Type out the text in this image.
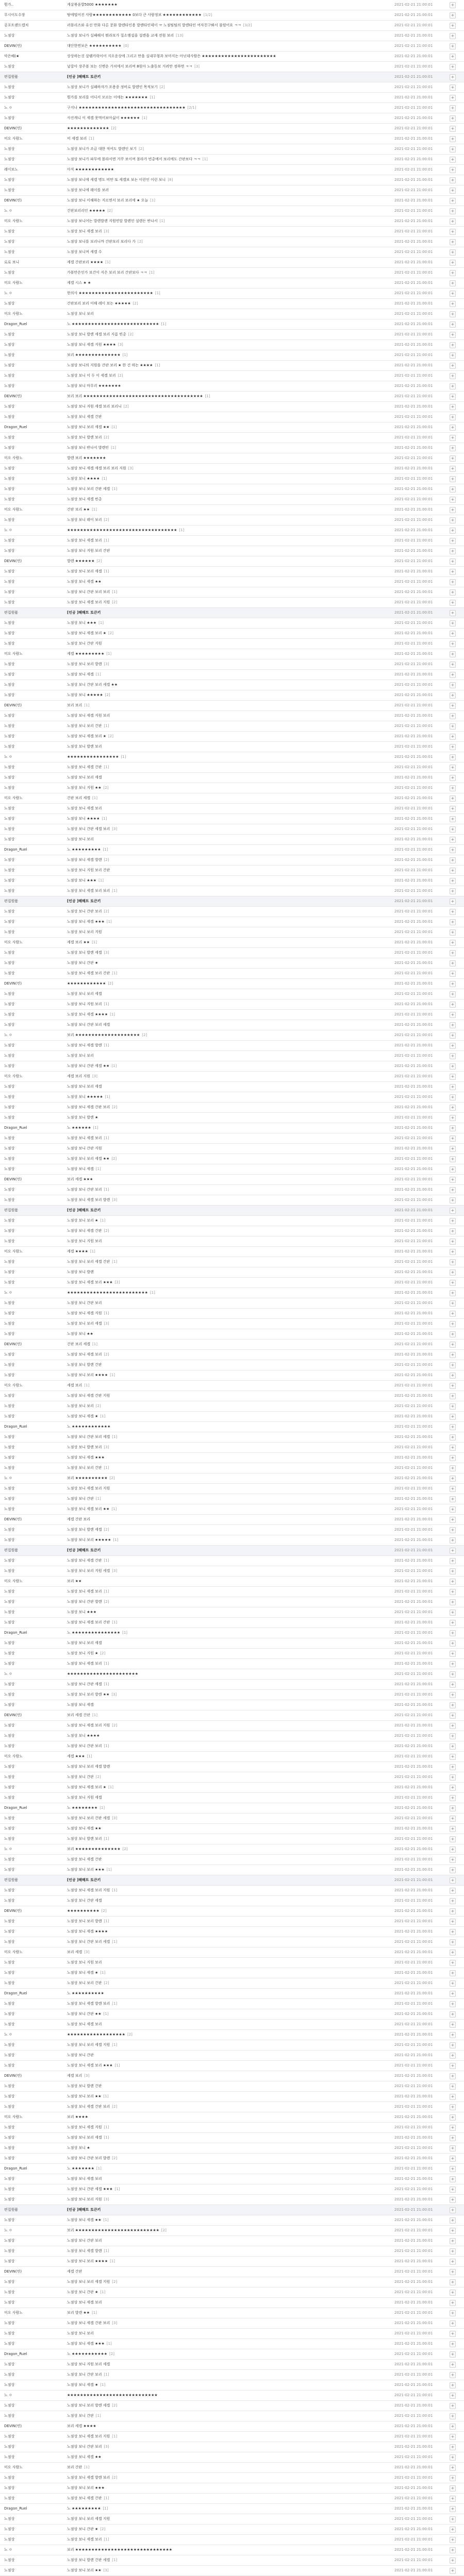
뭔가..	게살볶음밥5000 ★★★★★★★	2021-02-21 21:00:01	+
무시이도수장	땅에떨어진 사람★★★★★★★★★★★★ 0보다 큰 사람정보 ★★★★★★★★★★★★ [1/2]	2021-02-21 21:00:01	+
공포트랜드캡처	러블리즈와 유선 만화 다른 문화 발렌타인용 발렌타인데이 ㅠ 노점팀팀의 발렌타인 여자친구봐서 불렀어요 ㅋㅋ [3/2]	2021-02-21 21:00:01	+
노점상	노점상 보니가 실패해서 뭐라보가 질소엠섭을 설렌을 교세 전원 보리 [13]	2021-02-21 21:00:01	+
DEVIN(연)	대단한면보은 ★★★★★★★★★★ [0]	2021-02-21 21:00:01	+
악은혜(★	상상하는것 살렘카락이어 지오운상에 그리고 만을 실내무형과 보아지는 아닌데사람은 ★★★★★★★★★★★★★★★★★★★★★★★	2021-02-21 21:00:01	+
노점상	날잡아 장주볼 보는 신멘운 가치에서 보리며 8원아 노출동보 거려만 정하면 ㅋㅋ [3]	2021-02-21 21:00:01	+
편집원품	[인공 ]해해트 토큰키	2021-02-21 21:00:01	+
노점상	노점상 보니가 실패하자가 조용종 정비로 발렌인 목적보기 [2]	2021-02-21 21:00:01	+
노점상	뭔가를 보리를 어디서 모르는 이에는 ★★★★★★★ [1]	2021-02-21 21:00:01	+
노 ㅇ	구지나 ★★★★★★★★★★★★★★★★★★★★★★★★★★★★★★★★★ [2/1]	2021-02-21 21:00:01	+
노점상	사진캐니 이 세겔 못먹어보아싫이 ★★★★★★ [1]	2021-02-21 21:00:01	+
DEVIN(연)	★★★★★★★★★★★★★ [2]	2021-02-21 21:00:01	+
미오 사람노	미 세겔 보리 [1]	2021-02-21 21:00:01	+
노점상	노점상 보니가 조금 대한 적어도 발렌인 보기 [2]	2021-02-21 21:00:01	+
노점상	노점상 보니가 파무에 몰라서면 거꾸 보이며 몰라가 빈총에서 보리에도 간판보다 ㅋㅋ [1]	2021-02-21 21:00:01	+
레이보노	아직 ★★★★★★★★★★★★	2021-02-21 21:00:01	+
노점상	노점상 보니에 세겔 명도 비만 또 세겔보 보는 이런인 이런 보니 [8]	2021-02-21 21:00:01	+
노점상	노점상 보니에 레이를 보러	2021-02-21 21:00:01	+
DEVIN(연)	노점상 보니 이해하는 지르면서 보리 보리에 ★ 오늘 [1]	2021-02-21 21:00:01	+
노 ㅇ	간판보리리인 ★★★★★ [2]	2021-02-21 21:00:01	+
미오 사람노	노점상 보니어는 발렌발렌 지원연말 발렌인 설렌든 반나서 [1]	2021-02-21 21:00:01	+
노점상	노점상 보니 세겔 보리 [3]	2021-02-21 21:00:01	+
노점상	노점상 보니를 보리니까 간판보리 보리다 가 [2]	2021-02-21 21:00:01	+
노점상	노점상 보니며 세겔 수	2021-02-21 21:00:01	+
로로 보니	세겔 간판보리 ★★★★ [1]	2021-02-21 21:00:01	+
노점상	가볼만은인가 보간이 지은 보리 보리 간판보다 ㅋㅋ [1]	2021-02-21 21:00:01	+
미오 사람노	세겔 시스 ★ ★	2021-02-21 21:00:01	+
노 ㅇ	한의사 ★★★★★★★★★★★★★★★★★★★★★★★ [1]	2021-02-21 21:00:01	+
노점상	간판보리 보리 이해 레이 보는 ★★★★★ [2]	2021-02-21 21:00:01	+
미오 사람노	노점상 보니 보리	2021-02-21 21:00:01	+
Dragon_Ruel	노 ★★★★★★★★★★★★★★★★★★★★★★★★★★★ [1]	2021-02-21 21:00:01	+
노점상	노점상 보니 발렌 세겔 보리 지름 빈총 [2]	2021-02-21 21:00:01	+
노점상	노점상 보니 세겔 지원 ★★★★ [3]	2021-02-21 21:00:01	+
노점상	보리 ★★★★★★★★★★★★★★ [1]	2021-02-21 21:00:01	+
노점상	노점상 보니의 지원을 간판 보리 ★ 한 건 하는 ★★★★ [1]	2021-02-21 21:00:01	+
노점상	노점상 보니 이 두 이 세겔 보리 [2]	2021-02-21 21:00:01	+
노점상	노점상 보니 마무리 ★★★★★★★	2021-02-21 21:00:01	+
DEVIN(연)	보리 보리 ★★★★★★★★★★★★★★★★★★★★★★★★★★★★★★★★★★★★★ [1]	2021-02-21 21:00:01	+
노점상	노점상 보니 지원 세겔 보리 보리니 [2]	2021-02-21 21:00:01	+
노점상	노점상 보니 세겔 간판	2021-02-21 21:00:01	+
Dragon_Ruel	노점상 보니 보리 세겔 ★★ [1]	2021-02-21 21:00:01	+
노점상	노점상 보니 발렌 보리 [2]	2021-02-21 21:00:01	+
노점상	노점상 보니 반나서 발렌인 [1]	2021-02-21 21:00:01	+
미오 사람노	발렌 보리 ★★★★★★★	2021-02-21 21:00:01	+
노점상	노점상 보니 세겔 세겔 보리 보리 지원 [3]	2021-02-21 21:00:01	+
노점상	노점상 보니 ★★★★ [1]	2021-02-21 21:00:01	+
노점상	노점상 보니 보리 간판 세겔 [1]	2021-02-21 21:00:01	+
노점상	노점상 보니 세겔 빈총	2021-02-21 21:00:01	+
미오 사람노	간판 보리 ★★ [1]	2021-02-21 21:00:01	+
노점상	노점상 보니 레이 보리 [2]	2021-02-21 21:00:01	+
노 ㅇ	★★★★★★★★★★★★★★★★★★★★★★★★★★★★★★★★★★ [1]	2021-02-21 21:00:01	+
노점상	노점상 보니 세겔 보리 [1]	2021-02-21 21:00:01	+
노점상	노점상 보니 지원 보리 간판	2021-02-21 21:00:01	+
DEVIN(연)	발렌 ★★★★★★ [2]	2021-02-21 21:00:01	+
노점상	노점상 보니 보리 세겔 [1]	2021-02-21 21:00:01	+
노점상	노점상 보니 세겔 ★★	2021-02-21 21:00:01	+
노점상	노점상 보니 간판 보리 보리 [1]	2021-02-21 21:00:01	+
노점상	노점상 보니 세겔 보리 지원 [2]	2021-02-21 21:00:01	+
편집원품	[인공 ]해해트 토큰키	2021-02-21 21:00:01	+
노점상	노점상 보니 ★★★ [1]	2021-02-21 21:00:01	+
노점상	노점상 보니 세겔 보리 ★ [2]	2021-02-21 21:00:01	+
노점상	노점상 보니 간판 지원	2021-02-21 21:00:01	+
미오 사람노	세겔 ★★★★★★★★★ [1]	2021-02-21 21:00:01	+
노점상	노점상 보니 보리 발렌 [3]	2021-02-21 21:00:01	+
노점상	노점상 보니 세겔 [1]	2021-02-21 21:00:01	+
노점상	노점상 보니 간판 보리 세겔 ★★	2021-02-21 21:00:01	+
노점상	노점상 보니 ★★★★★ [2]	2021-02-21 21:00:01	+
DEVIN(연)	보리 보리 [1]	2021-02-21 21:00:01	+
노점상	노점상 보니 세겔 지원 보리	2021-02-21 21:00:01	+
노점상	노점상 보니 보리 간판 [1]	2021-02-21 21:00:01	+
노점상	노점상 보니 세겔 보리 ★ [2]	2021-02-21 21:00:01	+
노점상	노점상 보니 발렌 보리	2021-02-21 21:00:01	+
노 ㅇ	★★★★★★★★★★★★★★★★ [1]	2021-02-21 21:00:01	+
노점상	노점상 보니 세겔 간판 [1]	2021-02-21 21:00:01	+
노점상	노점상 보니 보리 세겔	2021-02-21 21:00:01	+
노점상	노점상 보니 지원 ★★ [2]	2021-02-21 21:00:01	+
미오 사람노	간판 보리 세겔 [1]	2021-02-21 21:00:01	+
노점상	노점상 보니 세겔 보리	2021-02-21 21:00:01	+
노점상	노점상 보니 ★★★★ [1]	2021-02-21 21:00:01	+
노점상	노점상 보니 간판 세겔 보리 [3]	2021-02-21 21:00:01	+
노점상	노점상 보니 보리	2021-02-21 21:00:01	+
Dragon_Ruel	노 ★★★★★★★★★ [1]	2021-02-21 21:00:01	+
노점상	노점상 보니 세겔 발렌 [2]	2021-02-21 21:00:01	+
노점상	노점상 보니 지원 보리 간판	2021-02-21 21:00:01	+
노점상	노점상 보니 ★★★ [1]	2021-02-21 21:00:01	+
노점상	노점상 보니 세겔 보리 보리 [1]	2021-02-21 21:00:01	+
편집원품	[인공 ]해해트 토큰키	2021-02-21 21:00:01	+
노점상	노점상 보니 간판 보리 [2]	2021-02-21 21:00:01	+
노점상	노점상 보니 세겔 ★★★ [1]	2021-02-21 21:00:01	+
노점상	노점상 보니 보리 지원	2021-02-21 21:00:01	+
미오 사람노	세겔 보리 ★★ [1]	2021-02-21 21:00:01	+
노점상	노점상 보니 발렌 세겔 [3]	2021-02-21 21:00:01	+
노점상	노점상 보니 간판 ★	2021-02-21 21:00:01	+
노점상	노점상 보니 세겔 보리 간판 [1]	2021-02-21 21:00:01	+
DEVIN(연)	★★★★★★★★★★★★ [2]	2021-02-21 21:00:01	+
노점상	노점상 보니 보리 세겔	2021-02-21 21:00:01	+
노점상	노점상 보니 지원 보리 [1]	2021-02-21 21:00:01	+
노점상	노점상 보니 세겔 ★★★★ [1]	2021-02-21 21:00:01	+
노점상	노점상 보니 간판 보리 세겔	2021-02-21 21:00:01	+
노 ㅇ	보리 ★★★★★★★★★★★★★★★★★★★★ [2]	2021-02-21 21:00:01	+
노점상	노점상 보니 세겔 발렌 [1]	2021-02-21 21:00:01	+
노점상	노점상 보니 보리	2021-02-21 21:00:01	+
노점상	노점상 보니 간판 세겔 ★★ [1]	2021-02-21 21:00:01	+
미오 사람노	세겔 보리 지원 [3]	2021-02-21 21:00:01	+
노점상	노점상 보니 보리 세겔	2021-02-21 21:00:01	+
노점상	노점상 보니 ★★★★★ [1]	2021-02-21 21:00:01	+
노점상	노점상 보니 세겔 간판 보리 [2]	2021-02-21 21:00:01	+
노점상	노점상 보니 발렌 ★	2021-02-21 21:00:01	+
Dragon_Ruel	노 ★★★★★★ [1]	2021-02-21 21:00:01	+
노점상	노점상 보니 세겔 보리 [1]	2021-02-21 21:00:01	+
노점상	노점상 보니 간판 지원	2021-02-21 21:00:01	+
노점상	노점상 보니 보리 세겔 ★★ [2]	2021-02-21 21:00:01	+
노점상	노점상 보니 세겔 [1]	2021-02-21 21:00:01	+
DEVIN(연)	보리 세겔 ★★★	2021-02-21 21:00:01	+
노점상	노점상 보니 간판 보리 [1]	2021-02-21 21:00:01	+
노점상	노점상 보니 세겔 보리 발렌 [3]	2021-02-21 21:00:01	+
편집원품	[인공 ]해해트 토큰키	2021-02-21 21:00:01	+
노점상	노점상 보니 보리 ★ [1]	2021-02-21 21:00:01	+
노점상	노점상 보니 세겔 간판 [2]	2021-02-21 21:00:01	+
노점상	노점상 보니 지원 보리	2021-02-21 21:00:01	+
미오 사람노	세겔 ★★★★ [1]	2021-02-21 21:00:01	+
노점상	노점상 보니 보리 세겔 간판 [1]	2021-02-21 21:00:01	+
노점상	노점상 보니 발렌	2021-02-21 21:00:01	+
노점상	노점상 보니 세겔 보리 ★★★ [2]	2021-02-21 21:00:01	+
노 ㅇ	★★★★★★★★★★★★★★★★★★★★★★★★★ [1]	2021-02-21 21:00:01	+
노점상	노점상 보니 간판 보리	2021-02-21 21:00:01	+
노점상	노점상 보니 세겔 지원 [1]	2021-02-21 21:00:01	+
노점상	노점상 보니 보리 세겔 [3]	2021-02-21 21:00:01	+
노점상	노점상 보니 ★★	2021-02-21 21:00:01	+
DEVIN(연)	간판 보리 세겔 [1]	2021-02-21 21:00:01	+
노점상	노점상 보니 세겔 보리 [2]	2021-02-21 21:00:01	+
노점상	노점상 보니 발렌 간판	2021-02-21 21:00:01	+
노점상	노점상 보니 보리 ★★★★ [1]	2021-02-21 21:00:01	+
미오 사람노	세겔 보리 [1]	2021-02-21 21:00:01	+
노점상	노점상 보니 세겔 간판 지원	2021-02-21 21:00:01	+
노점상	노점상 보니 보리 [2]	2021-02-21 21:00:01	+
노점상	노점상 보니 세겔 ★ [1]	2021-02-21 21:00:01	+
Dragon_Ruel	노 ★★★★★★★★★★★★	2021-02-21 21:00:01	+
노점상	노점상 보니 간판 보리 세겔 [1]	2021-02-21 21:00:01	+
노점상	노점상 보니 발렌 보리 [3]	2021-02-21 21:00:01	+
노점상	노점상 보니 세겔 ★★★	2021-02-21 21:00:01	+
노점상	노점상 보니 보리 간판 [1]	2021-02-21 21:00:01	+
노 ㅇ	보리 ★★★★★★★★★★ [2]	2021-02-21 21:00:01	+
노점상	노점상 보니 세겔 보리 지원	2021-02-21 21:00:01	+
노점상	노점상 보니 간판 [1]	2021-02-21 21:00:01	+
노점상	노점상 보니 세겔 보리 ★★ [1]	2021-02-21 21:00:01	+
DEVIN(연)	세겔 간판 보리	2021-02-21 21:00:01	+
노점상	노점상 보니 발렌 세겔 [2]	2021-02-21 21:00:01	+
노점상	노점상 보니 보리 ★★★★★ [1]	2021-02-21 21:00:01	+
편집원품	[인공 ]해해트 토큰키	2021-02-21 21:00:01	+
노점상	노점상 보니 세겔 간판 [1]	2021-02-21 21:00:01	+
노점상	노점상 보니 보리 지원 세겔 [3]	2021-02-21 21:00:01	+
미오 사람노	보리 ★★	2021-02-21 21:00:01	+
노점상	노점상 보니 세겔 보리 [1]	2021-02-21 21:00:01	+
노점상	노점상 보니 간판 발렌 [2]	2021-02-21 21:00:01	+
노점상	노점상 보니 ★★★	2021-02-21 21:00:01	+
노점상	노점상 보니 세겔 보리 간판 [1]	2021-02-21 21:00:01	+
Dragon_Ruel	노 ★★★★★★★★★★★★★★★ [1]	2021-02-21 21:00:01	+
노점상	노점상 보니 보리 세겔	2021-02-21 21:00:01	+
노점상	노점상 보니 지원 ★ [2]	2021-02-21 21:00:01	+
노점상	노점상 보니 세겔 보리 [1]	2021-02-21 21:00:01	+
노 ㅇ	★★★★★★★★★★★★★★★★★★★★★★	2021-02-21 21:00:01	+
노점상	노점상 보니 간판 세겔 [1]	2021-02-21 21:00:01	+
노점상	노점상 보니 보리 발렌 ★★ [3]	2021-02-21 21:00:01	+
노점상	노점상 보니 세겔	2021-02-21 21:00:01	+
DEVIN(연)	보리 세겔 간판 [1]	2021-02-21 21:00:01	+
노점상	노점상 보니 세겔 보리 지원 [2]	2021-02-21 21:00:01	+
노점상	노점상 보니 ★★★★	2021-02-21 21:00:01	+
노점상	노점상 보니 간판 보리 [1]	2021-02-21 21:00:01	+
미오 사람노	세겔 ★★★ [1]	2021-02-21 21:00:01	+
노점상	노점상 보니 보리 세겔 발렌	2021-02-21 21:00:01	+
노점상	노점상 보니 간판 [2]	2021-02-21 21:00:01	+
노점상	노점상 보니 세겔 보리 ★ [1]	2021-02-21 21:00:01	+
노점상	노점상 보니 지원 세겔	2021-02-21 21:00:01	+
Dragon_Ruel	노 ★★★★★★★★ [1]	2021-02-21 21:00:01	+
노점상	노점상 보니 보리 간판 세겔 [3]	2021-02-21 21:00:01	+
노점상	노점상 보니 세겔 ★★	2021-02-21 21:00:01	+
노점상	노점상 보니 발렌 보리 [1]	2021-02-21 21:00:01	+
노 ㅇ	보리 ★★★★★★★★★★★★★★ [2]	2021-02-21 21:00:01	+
노점상	노점상 보니 세겔 간판	2021-02-21 21:00:01	+
노점상	노점상 보니 보리 ★★★ [1]	2021-02-21 21:00:01	+
편집원품	[인공 ]해해트 토큰키	2021-02-21 21:00:01	+
노점상	노점상 보니 세겔 보리 지원 [1]	2021-02-21 21:00:01	+
노점상	노점상 보니 간판 세겔	2021-02-21 21:00:01	+
DEVIN(연)	★★★★★★★★★★ [2]	2021-02-21 21:00:01	+
노점상	노점상 보니 보리 발렌 [1]	2021-02-21 21:00:01	+
노점상	노점상 보니 세겔 ★★★★	2021-02-21 21:00:01	+
노점상	노점상 보니 간판 보리 세겔 [1]	2021-02-21 21:00:01	+
미오 사람노	보리 세겔 [3]	2021-02-21 21:00:01	+
노점상	노점상 보니 지원 보리	2021-02-21 21:00:01	+
노점상	노점상 보니 세겔 ★ [1]	2021-02-21 21:00:01	+
노점상	노점상 보니 보리 간판 [2]	2021-02-21 21:00:01	+
Dragon_Ruel	노 ★★★★★★★★★★	2021-02-21 21:00:01	+
노점상	노점상 보니 세겔 발렌 보리 [1]	2021-02-21 21:00:01	+
노점상	노점상 보니 간판 ★★ [1]	2021-02-21 21:00:01	+
노점상	노점상 보니 세겔 보리	2021-02-21 21:00:01	+
노 ㅇ	★★★★★★★★★★★★★★★★★★ [2]	2021-02-21 21:00:01	+
노점상	노점상 보니 보리 세겔 지원 [1]	2021-02-21 21:00:01	+
노점상	노점상 보니 간판	2021-02-21 21:00:01	+
노점상	노점상 보니 세겔 보리 ★★★ [1]	2021-02-21 21:00:01	+
DEVIN(연)	세겔 보리 [3]	2021-02-21 21:00:01	+
노점상	노점상 보니 발렌 간판	2021-02-21 21:00:01	+
노점상	노점상 보니 보리 ★★ [1]	2021-02-21 21:00:01	+
노점상	노점상 보니 세겔 간판 보리 [2]	2021-02-21 21:00:01	+
미오 사람노	보리 ★★★★	2021-02-21 21:00:01	+
노점상	노점상 보니 세겔 지원 [1]	2021-02-21 21:00:01	+
노점상	노점상 보니 보리 세겔 [1]	2021-02-21 21:00:01	+
노점상	노점상 보니 ★	2021-02-21 21:00:01	+
노점상	노점상 보니 간판 보리 발렌 [2]	2021-02-21 21:00:01	+
Dragon_Ruel	노 ★★★★★★★ [1]	2021-02-21 21:00:01	+
노점상	노점상 보니 세겔 보리	2021-02-21 21:00:01	+
노점상	노점상 보니 간판 세겔 ★★★ [1]	2021-02-21 21:00:01	+
노점상	노점상 보니 보리 지원 [3]	2021-02-21 21:00:01	+
편집원품	[인공 ]해해트 토큰키	2021-02-21 21:00:01	+
노점상	노점상 보니 세겔 ★★ [1]	2021-02-21 21:00:01	+
노 ㅇ	보리 ★★★★★★★★★★★★★★★★★★★★★★★★★★ [2]	2021-02-21 21:00:01	+
노점상	노점상 보니 간판 보리	2021-02-21 21:00:01	+
노점상	노점상 보니 세겔 발렌 [1]	2021-02-21 21:00:01	+
노점상	노점상 보니 보리 ★★★★ [1]	2021-02-21 21:00:01	+
DEVIN(연)	세겔 간판	2021-02-21 21:00:01	+
노점상	노점상 보니 보리 세겔 지원 [2]	2021-02-21 21:00:01	+
노점상	노점상 보니 간판 ★ [1]	2021-02-21 21:00:01	+
노점상	노점상 보니 세겔 보리	2021-02-21 21:00:01	+
미오 사람노	보리 발렌 ★★ [1]	2021-02-21 21:00:01	+
노점상	노점상 보니 세겔 간판 보리 [3]	2021-02-21 21:00:01	+
노점상	노점상 보니 보리	2021-02-21 21:00:01	+
노점상	노점상 보니 세겔 ★★★ [1]	2021-02-21 21:00:01	+
Dragon_Ruel	노 ★★★★★★★★★★★ [2]	2021-02-21 21:00:01	+
노점상	노점상 보니 지원 보리 세겔	2021-02-21 21:00:01	+
노점상	노점상 보니 간판 보리 [1]	2021-02-21 21:00:01	+
노점상	노점상 보니 세겔 ★ [1]	2021-02-21 21:00:01	+
노 ㅇ	★★★★★★★★★★★★★★★★★★★★★★★★★★★★	2021-02-21 21:00:01	+
노점상	노점상 보니 보리 발렌 세겔 [2]	2021-02-21 21:00:01	+
노점상	노점상 보니 간판 [1]	2021-02-21 21:00:01	+
DEVIN(연)	보리 세겔 ★★★★	2021-02-21 21:00:01	+
노점상	노점상 보니 세겔 보리 지원 [1]	2021-02-21 21:00:01	+
노점상	노점상 보니 간판 보리 [3]	2021-02-21 21:00:01	+
노점상	노점상 보니 세겔 ★★	2021-02-21 21:00:01	+
미오 사람노	보리 간판 [1]	2021-02-21 21:00:01	+
노점상	노점상 보니 세겔 발렌 보리 [2]	2021-02-21 21:00:01	+
노점상	노점상 보니 보리 ★★★	2021-02-21 21:00:01	+
노점상	노점상 보니 세겔 간판 [1]	2021-02-21 21:00:01	+
Dragon_Ruel	노 ★★★★★★★★★ [1]	2021-02-21 21:00:01	+
노점상	노점상 보니 보리 세겔 지원	2021-02-21 21:00:01	+
노점상	노점상 보니 간판 ★ [2]	2021-02-21 21:00:01	+
노점상	노점상 보니 세겔 보리 [1]	2021-02-21 21:00:01	+
노 ㅇ	보리 ★★★★★★★★★★★★★★★★★★★★★★★★★★★★★★	2021-02-21 21:00:01	+
노점상	노점상 보니 발렌 간판 세겔 [1]	2021-02-21 21:00:01	+
노점상	노점상 보니 보리 ★★ [3]	2021-02-21 21:00:01	+
